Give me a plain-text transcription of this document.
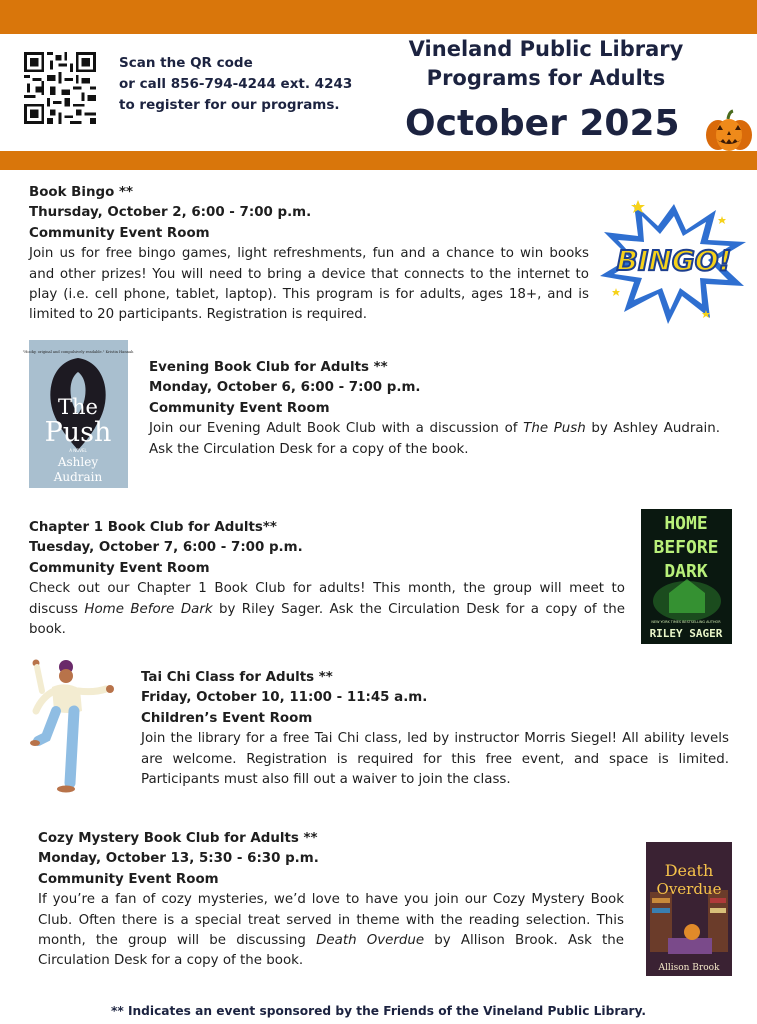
Scan the QR code
or call 856-794-4244 ext. 4243
to register for our programs.
Vineland Public Library
Programs for Adults
October 2025
Book Bingo **
Thursday, October 2, 6:00 - 7:00 p.m.
Community Event Room
Join us for free bingo games, light refreshments, fun and a chance to win books and other prizes! You will need to bring a device that connects to the internet to play (i.e. cell phone, tablet, laptop). This program is for adults, ages 18+, and is limited to 20 participants. Registration is required.
BINGO!
"Hooky, original and compulsively readable." Kristin Hannah
The
Push
A NOVEL
Ashley
Audrain
Evening Book Club for Adults **
Monday, October 6, 6:00 - 7:00 p.m.
Community Event Room
Join our Evening Adult Book Club with a discussion of The Push by Ashley Audrain. Ask the Circulation Desk for a copy of the book.
Chapter 1 Book Club for Adults**
Tuesday, October 7, 6:00 - 7:00 p.m.
Community Event Room
Check out our Chapter 1 Book Club for adults! This month, the group will meet to discuss Home Before Dark by Riley Sager. Ask the Circulation Desk for a copy of the book.
HOME
BEFORE
DARK
NEW YORK TIMES BESTSELLING AUTHOR
RILEY SAGER
Tai Chi Class for Adults **
Friday, October 10, 11:00 - 11:45 a.m.
Children’s Event Room
Join the library for a free Tai Chi class, led by instructor Morris Siegel! All ability levels are welcome. Registration is required for this free event, and space is limited. Participants must also fill out a waiver to join the class.
Cozy Mystery Book Club for Adults **
Monday, October 13, 5:30 - 6:30 p.m.
Community Event Room
If you’re a fan of cozy mysteries, we’d love to have you join our Cozy Mystery Book Club. Often there is a special treat served in theme with the reading selection. This month, the group will be discussing Death Overdue by Allison Brook. Ask the Circulation Desk for a copy of the book.
Death
Overdue
Allison Brook
** Indicates an event sponsored by the Friends of the Vineland Public Library.
